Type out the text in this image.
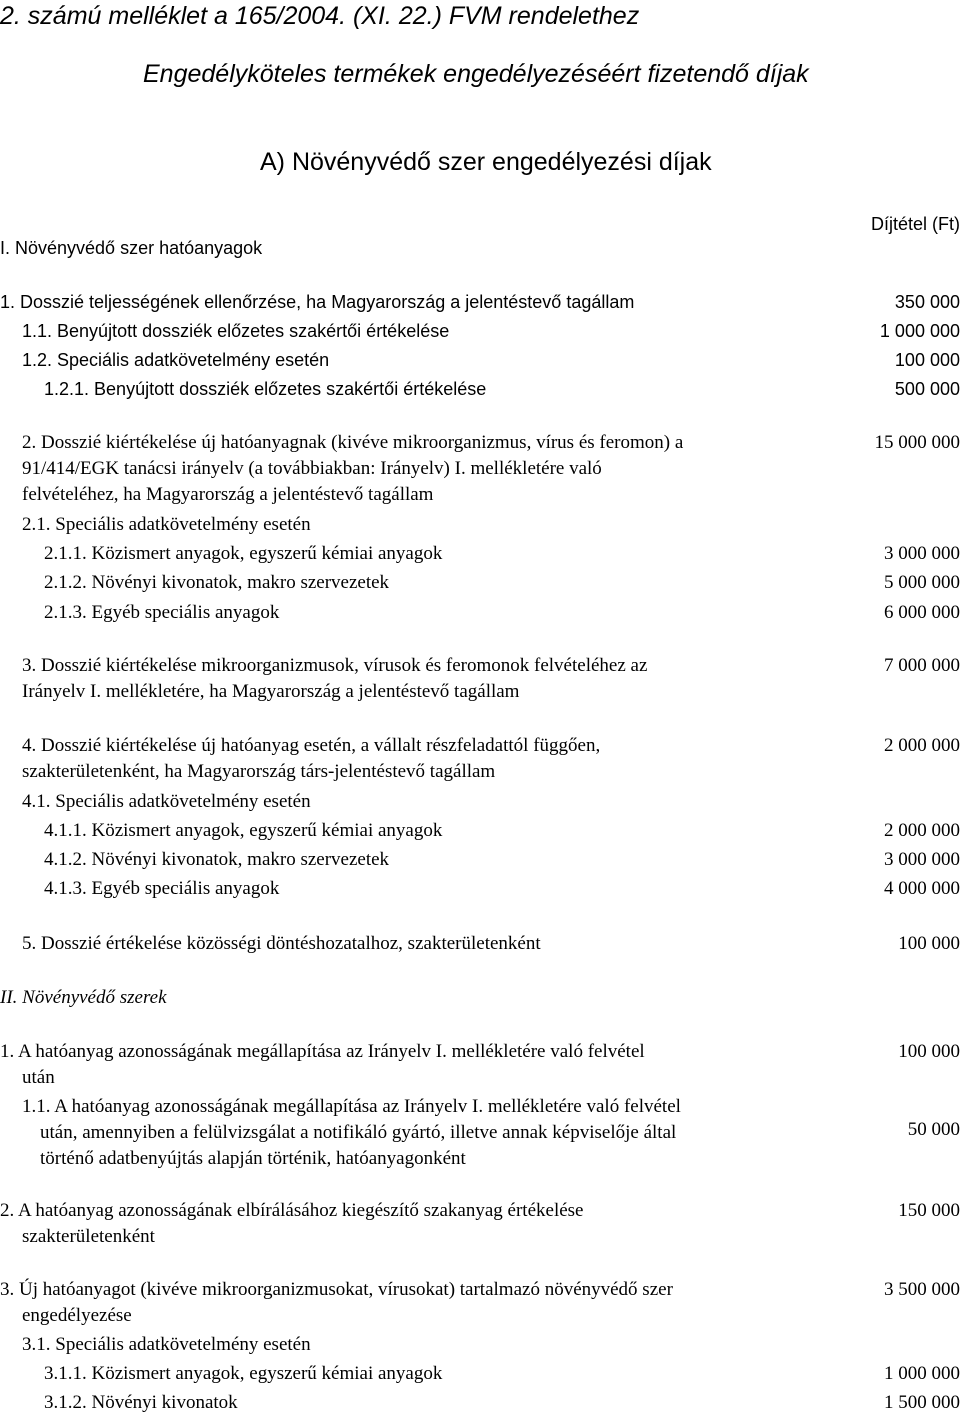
2. számú melléklet a 165/2004. (XI. 22.) FVM rendelethez
Engedélyköteles termékek engedélyezéséért fizetendő díjak
A) Növényvédő szer engedélyezési díjak
I. Növényvédő szer hatóanyagok
Díjtétel (Ft)
1. Dosszié teljességének ellenőrzése, ha Magyarország a jelentéstevő tagállam	350 000
1.1. Benyújtott dossziék előzetes szakértői értékelése	1 000 000
1.2. Speciális adatkövetelmény esetén	100 000
1.2.1. Benyújtott dossziék előzetes szakértői értékelése	500 000
2. Dosszié kiértékelése új hatóanyagnak (kivéve mikroorganizmus, vírus és feromon) a	15 000 000
91/414/EGK tanácsi irányelv (a továbbiakban: Irányelv) I. mellékletére való
felvételéhez, ha Magyarország a jelentéstevő tagállam
2.1. Speciális adatkövetelmény esetén
2.1.1. Közismert anyagok, egyszerű kémiai anyagok	3 000 000
2.1.2. Növényi kivonatok, makro szervezetek	5 000 000
2.1.3. Egyéb speciális anyagok	6 000 000
3. Dosszié kiértékelése mikroorganizmusok, vírusok és feromonok felvételéhez az	7 000 000
Irányelv I. mellékletére, ha Magyarország a jelentéstevő tagállam
4. Dosszié kiértékelése új hatóanyag esetén, a vállalt részfeladattól függően,	2 000 000
szakterületenként, ha Magyarország társ-jelentéstevő tagállam
4.1. Speciális adatkövetelmény esetén
4.1.1. Közismert anyagok, egyszerű kémiai anyagok	2 000 000
4.1.2. Növényi kivonatok, makro szervezetek	3 000 000
4.1.3. Egyéb speciális anyagok	4 000 000
5. Dosszié értékelése közösségi döntéshozatalhoz, szakterületenként	100 000
II. Növényvédő szerek
1. A hatóanyag azonosságának megállapítása az Irányelv I. mellékletére való felvétel	100 000
után
1.1. A hatóanyag azonosságának megállapítása az Irányelv I. mellékletére való felvétel
után, amennyiben a felülvizsgálat a notifikáló gyártó, illetve annak képviselője által	50 000
történő adatbenyújtás alapján történik, hatóanyagonként
2. A hatóanyag azonosságának elbírálásához kiegészítő szakanyag értékelése	150 000
szakterületenként
3. Új hatóanyagot (kivéve mikroorganizmusokat, vírusokat) tartalmazó növényvédő szer	3 500 000
engedélyezése
3.1. Speciális adatkövetelmény esetén
3.1.1. Közismert anyagok, egyszerű kémiai anyagok	1 000 000
3.1.2. Növényi kivonatok	1 500 000
